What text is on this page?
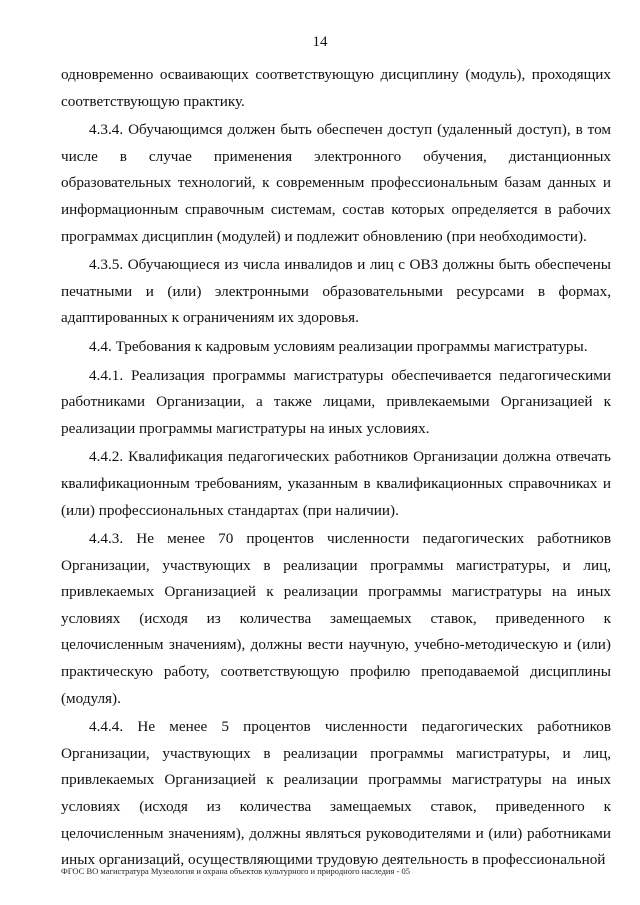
14

одновременно осваивающих соответствующую дисциплину (модуль), проходящих соответствующую практику.

4.3.4. Обучающимся должен быть обеспечен доступ (удаленный доступ), в том числе в случае применения электронного обучения, дистанционных образовательных технологий, к современным профессиональным базам данных и информационным справочным системам, состав которых определяется в рабочих программах дисциплин (модулей) и подлежит обновлению (при необходимости).

4.3.5. Обучающиеся из числа инвалидов и лиц с ОВЗ должны быть обеспечены печатными и (или) электронными образовательными ресурсами в формах, адаптированных к ограничениям их здоровья.

4.4. Требования к кадровым условиям реализации программы магистратуры.

4.4.1. Реализация программы магистратуры обеспечивается педагогическими работниками Организации, а также лицами, привлекаемыми Организацией к реализации программы магистратуры на иных условиях.

4.4.2. Квалификация педагогических работников Организации должна отвечать квалификационным требованиям, указанным в квалификационных справочниках и (или) профессиональных стандартах (при наличии).

4.4.3. Не менее 70 процентов численности педагогических работников Организации, участвующих в реализации программы магистратуры, и лиц, привлекаемых Организацией к реализации программы магистратуры на иных условиях (исходя из количества замещаемых ставок, приведенного к целочисленным значениям), должны вести научную, учебно-методическую и (или) практическую работу, соответствующую профилю преподаваемой дисциплины (модуля).

4.4.4. Не менее 5 процентов численности педагогических работников Организации, участвующих в реализации программы магистратуры, и лиц, привлекаемых Организацией к реализации программы магистратуры на иных условиях (исходя из количества замещаемых ставок, приведенного к целочисленным значениям), должны являться руководителями и (или) работниками иных организаций, осуществляющими трудовую деятельность в профессиональной

ФГОС ВО магистратура Музеология и охрана объектов культурного и природного наследия - 05
